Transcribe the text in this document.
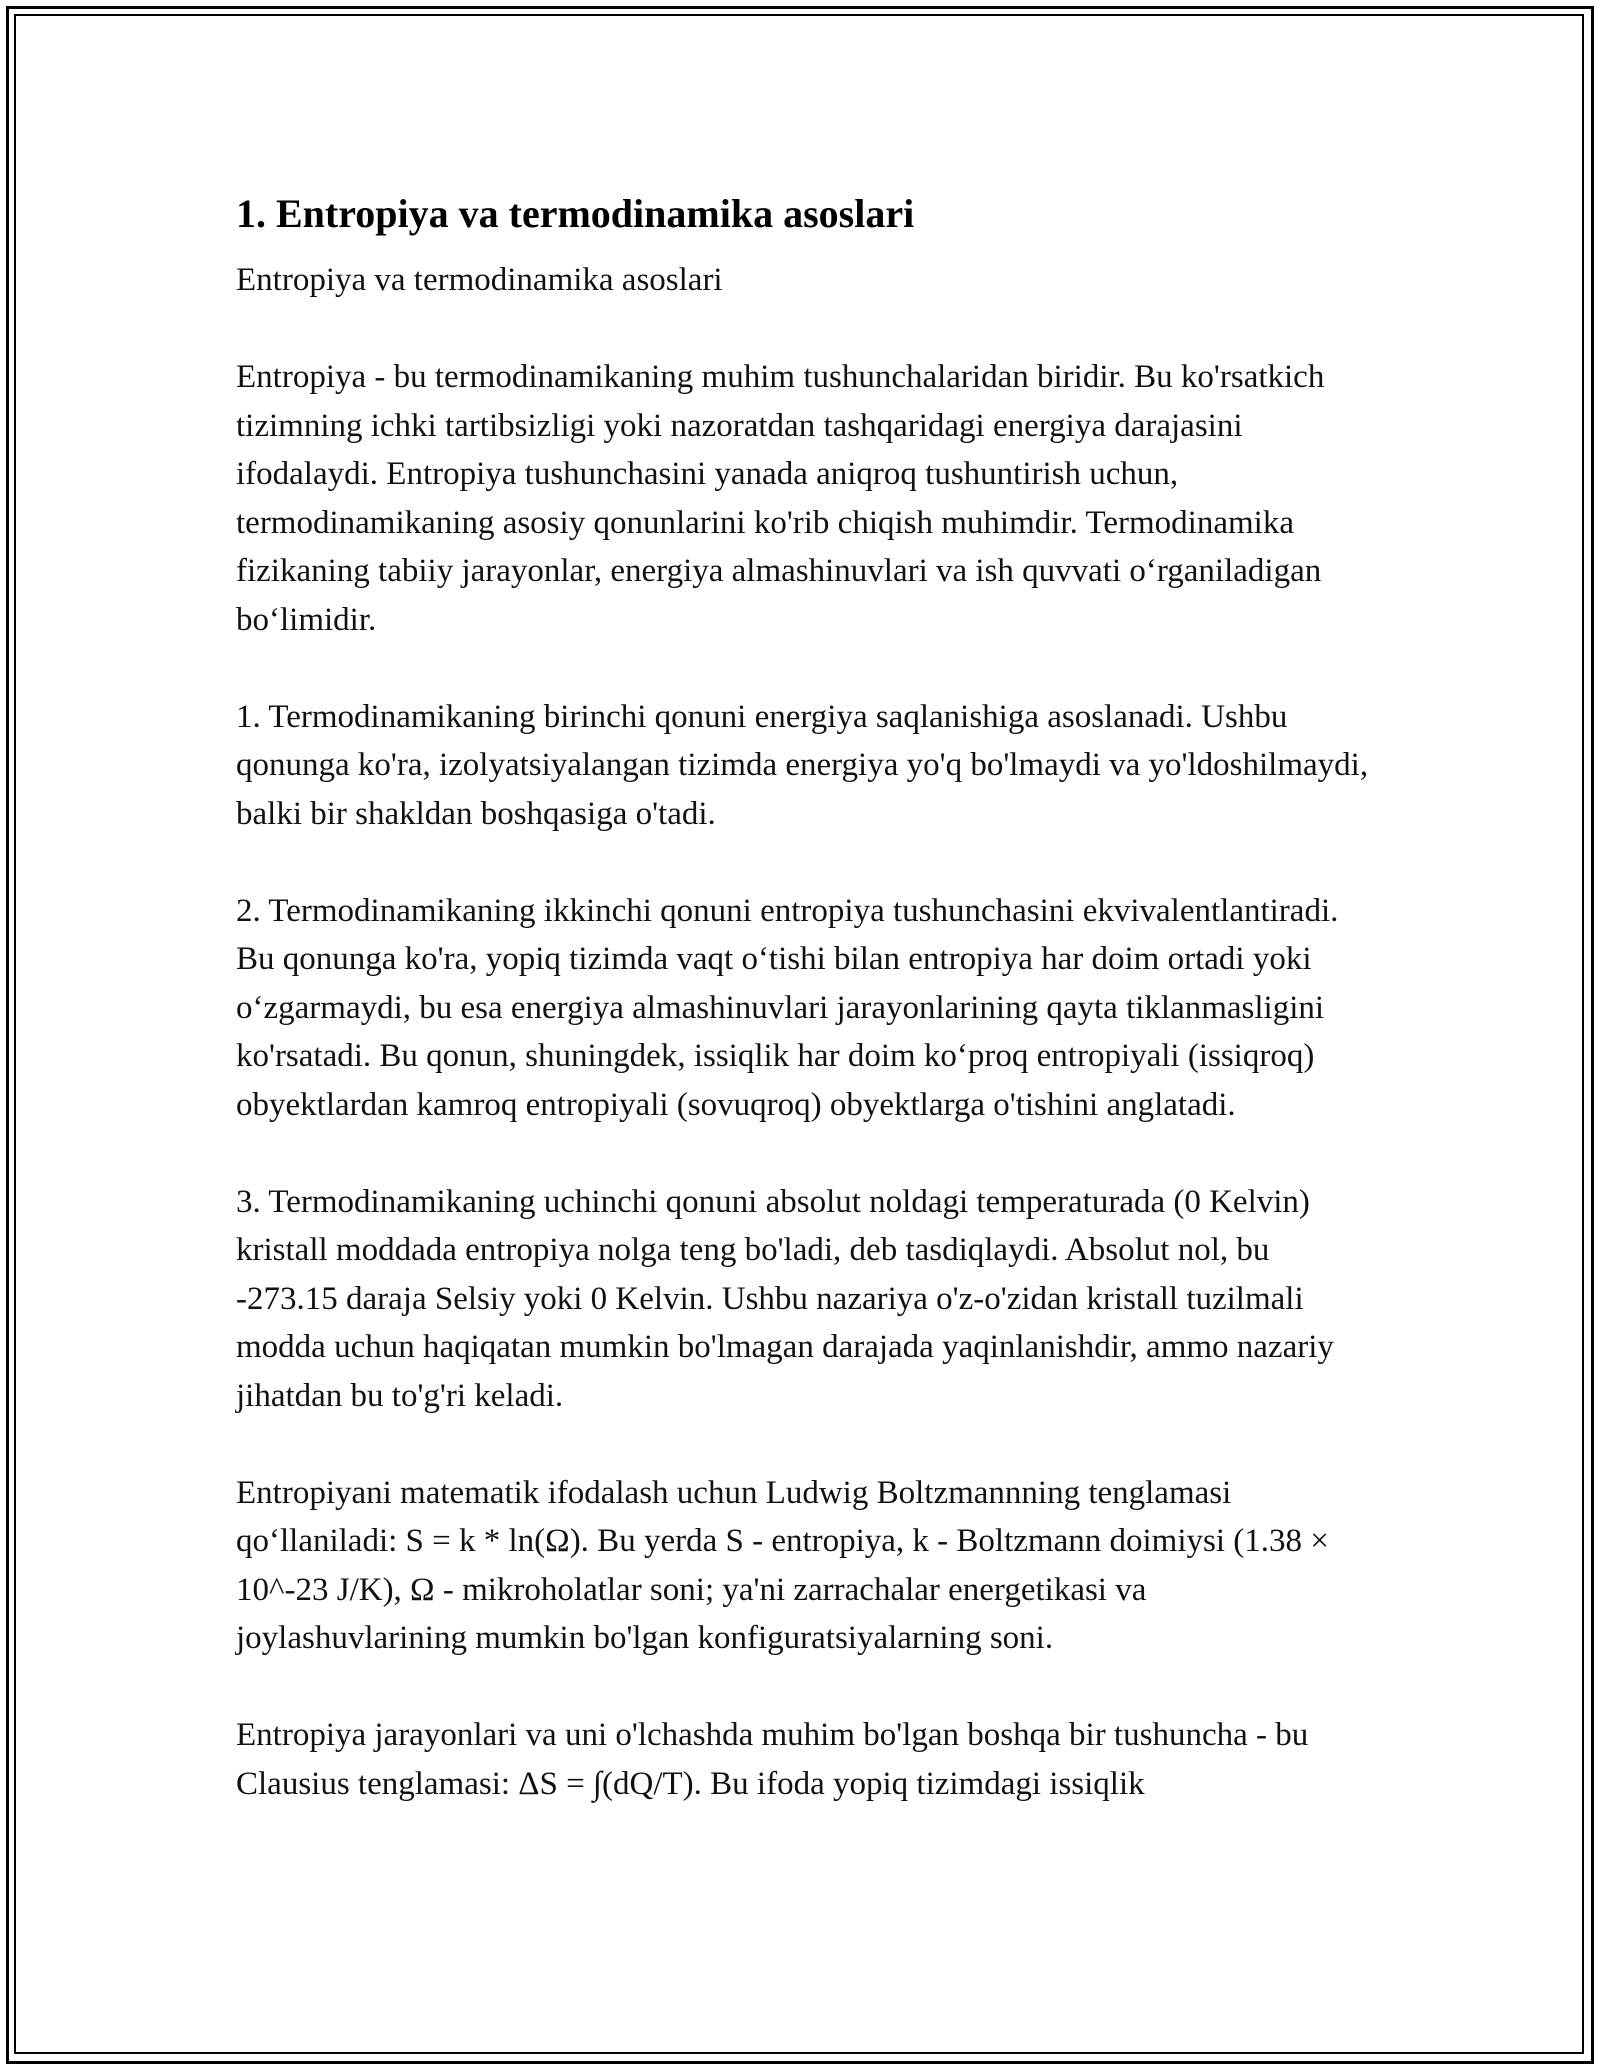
1. Entropiya va termodinamika asoslari

Entropiya va termodinamika asoslari

Entropiya - bu termodinamikaning muhim tushunchalaridan biridir. Bu ko'rsatkich tizimning ichki tartibsizligi yoki nazoratdan tashqaridagi energiya darajasini ifodalaydi. Entropiya tushunchasini yanada aniqroq tushuntirish uchun, termodinamikaning asosiy qonunlarini ko'rib chiqish muhimdir. Termodinamika fizikaning tabiiy jarayonlar, energiya almashinuvlari va ish quvvati o‘rganiladigan bo‘limidir.

1. Termodinamikaning birinchi qonuni energiya saqlanishiga asoslanadi. Ushbu qonunga ko'ra, izolyatsiyalangan tizimda energiya yo'q bo'lmaydi va yo'ldoshilmaydi, balki bir shakldan boshqasiga o'tadi.

2. Termodinamikaning ikkinchi qonuni entropiya tushunchasini ekvivalentlantiradi. Bu qonunga ko'ra, yopiq tizimda vaqt o‘tishi bilan entropiya har doim ortadi yoki o‘zgarmaydi, bu esa energiya almashinuvlari jarayonlarining qayta tiklanmasligini ko'rsatadi. Bu qonun, shuningdek, issiqlik har doim ko‘proq entropiyali (issiqroq) obyektlardan kamroq entropiyali (sovuqroq) obyektlarga o'tishini anglatadi.

3. Termodinamikaning uchinchi qonuni absolut noldagi temperaturada (0 Kelvin) kristall moddada entropiya nolga teng bo'ladi, deb tasdiqlaydi. Absolut nol, bu -273.15 daraja Selsiy yoki 0 Kelvin. Ushbu nazariya o'z-o'zidan kristall tuzilmali modda uchun haqiqatan mumkin bo'lmagan darajada yaqinlanishdir, ammo nazariy jihatdan bu to'g'ri keladi.

Entropiyani matematik ifodalash uchun Ludwig Boltzmannning tenglamasi qo‘llaniladi: S = k * ln(Ω). Bu yerda S - entropiya, k - Boltzmann doimiysi (1.38 × 10^-23 J/K), Ω - mikroholatlar soni; ya'ni zarrachalar energetikasi va joylashuvlarining mumkin bo'lgan konfiguratsiyalarning soni.

Entropiya jarayonlari va uni o'lchashda muhim bo'lgan boshqa bir tushuncha - bu Clausius tenglamasi: ΔS = ∫(dQ/T). Bu ifoda yopiq tizimdagi issiqlik
